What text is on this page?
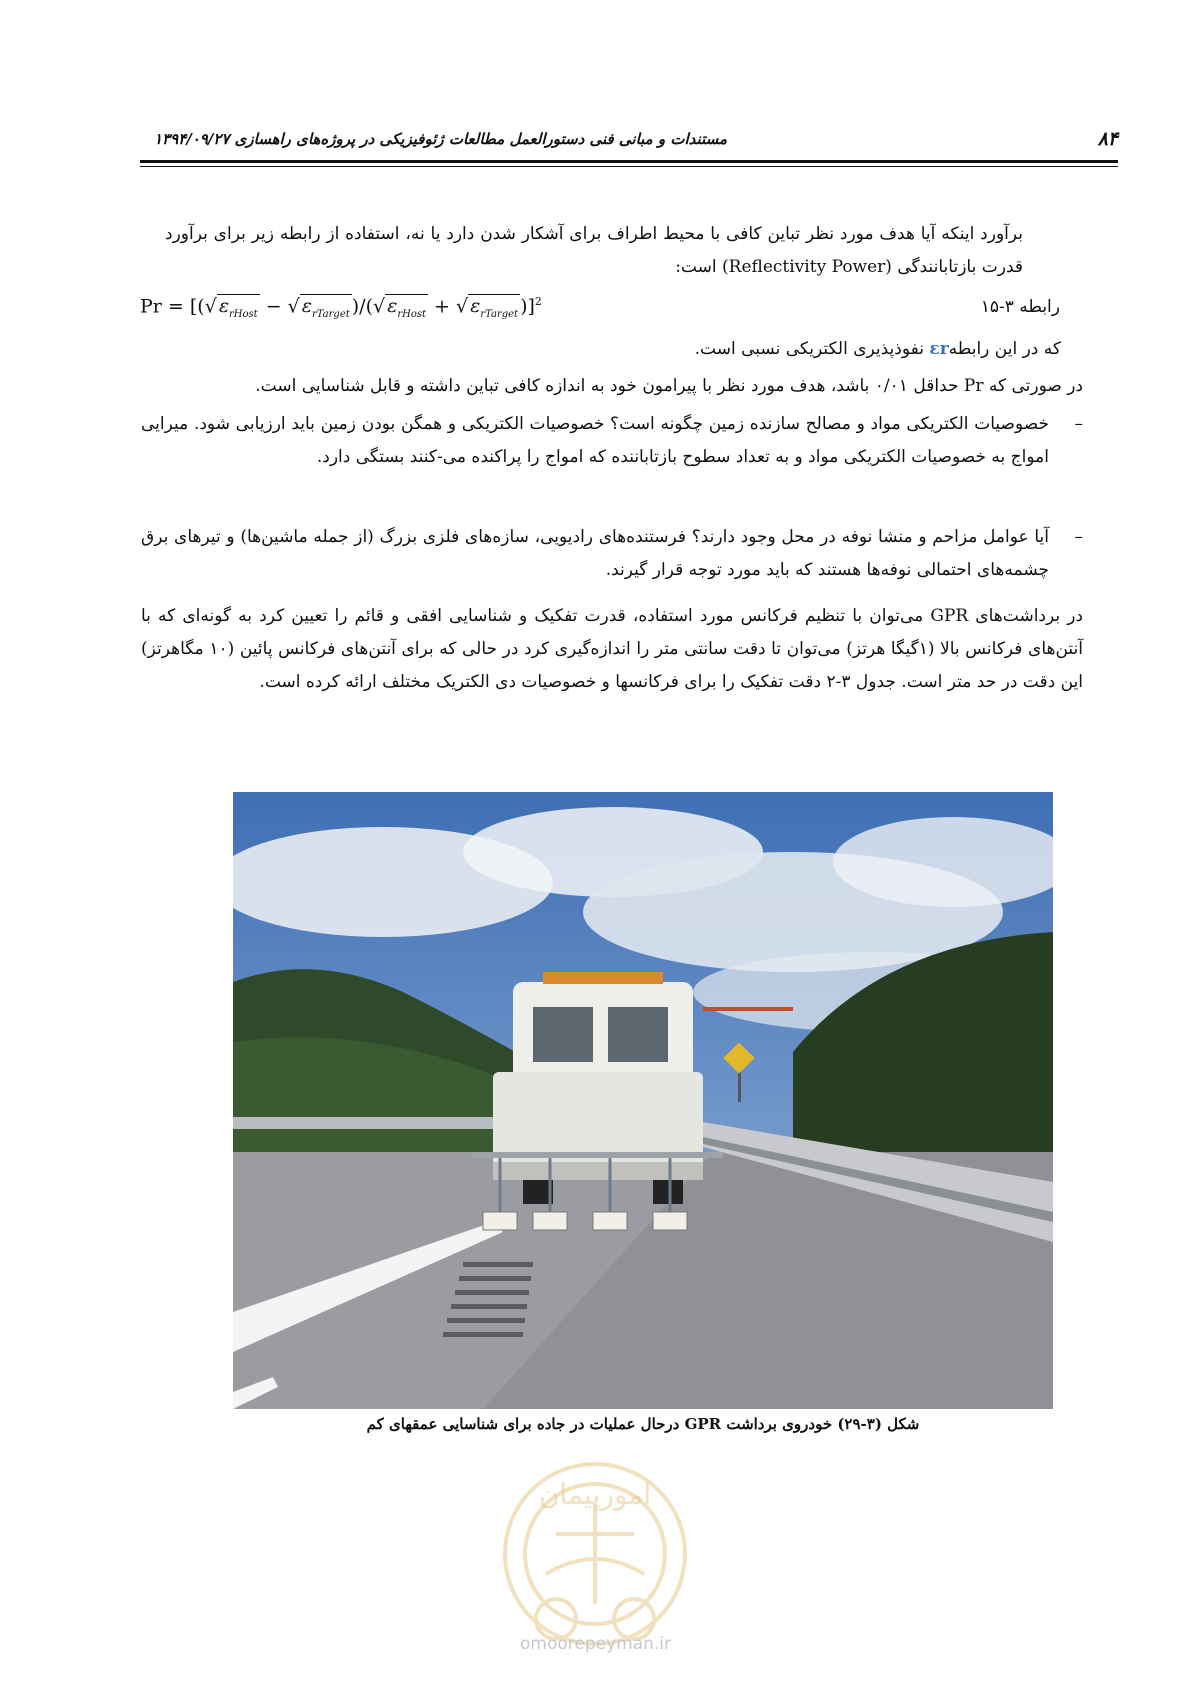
۸۴
مستندات و مبانی فنی دستورالعمل مطالعات ژئوفیزیکی در پروژه‌های راهسازی ۱۳۹۴/۰۹/۲۷
برآورد اینکه آیا هدف مورد نظر تباین کافی با محیط اطراف برای آشکار شدن دارد یا نه، استفاده از رابطه زیر برای برآورد قدرت بازتابانندگی (Reflectivity Power) است:
رابطه ۳-۱۵
Pr = [(√ $\varepsilon_{rHost}$ − √ $\varepsilon_{rTarget}$ )/(√ $\varepsilon_{rHost}$ + √ $\varepsilon_{rTarget}$ )]$^2$
که در این رابطهεr نفوذپذیری الکتریکی نسبی است.
در صورتی که Pr حداقل ۰/۰۱ باشد، هدف مورد نظر با پیرامون خود به اندازه کافی تباین داشته و قابل شناسایی است.
–
خصوصیات الکتریکی مواد و مصالح سازنده زمین چگونه است؟ خصوصیات الکتریکی و همگن بودن زمین باید ارزیابی شود. میرایی امواج به خصوصیات الکتریکی مواد و به تعداد سطوح بازتاباننده که امواج را پراکنده می-کنند بستگی دارد.
–
آیا عوامل مزاحم و منشا نوفه در محل وجود دارند؟ فرستنده‌های رادیویی، سازه‌های فلزی بزرگ (از جمله ماشین‌ها) و تیرهای برق چشمه‌های احتمالی نوفه‌ها هستند که باید مورد توجه قرار گیرند.
در برداشت‌های GPR می‌توان با تنظیم فرکانس مورد استفاده، قدرت تفکیک و شناسایی افقی و قائم را تعیین کرد به گونه‌ای که با آنتن‌های فرکانس بالا (۱گیگا هرتز) می‌توان تا دقت سانتی متر را اندازه‌گیری کرد در حالی که برای آنتن‌های فرکانس پائین (۱۰ مگاهرتز) این دقت در حد متر است. جدول ۳-۲ دقت تفکیک را برای فرکانسها و خصوصیات دی الکتریک مختلف ارائه کرده است.
شکل (۳-۲۹) خودروی برداشت GPR درحال عملیات در جاده برای شناسایی عمقهای کم
امورپیمان
omoorepeyman.ir
